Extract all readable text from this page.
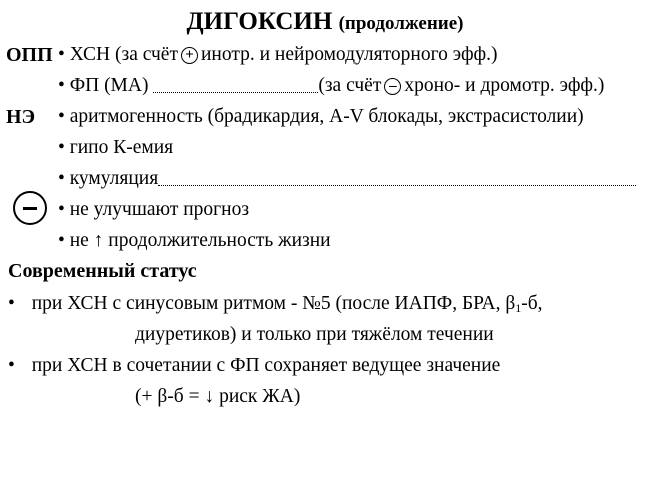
ДИГОКСИН (продолжение)
ОПП • ХСН (за счёт + инотр. и нейромодуляторного эфф.)
• ФП (МА)	(за счёт – хроно- и дромотр. эфф.)
НЭ • аритмогенность (брадикардия, A-V блокады, экстрасистолии)
• гипо К-емия
• кумуляция
• не улучшают прогноз
• не ↑ продолжительность жизни
Современный статус
• при ХСН с синусовым ритмом - №5 (после ИАПФ, БРА, $\beta_1-б$,
диуретиков) и только при тяжёлом течении
• при ХСН в сочетании с ФП сохраняет ведущее значение
(+ β-б = ↓ риск ЖА)
